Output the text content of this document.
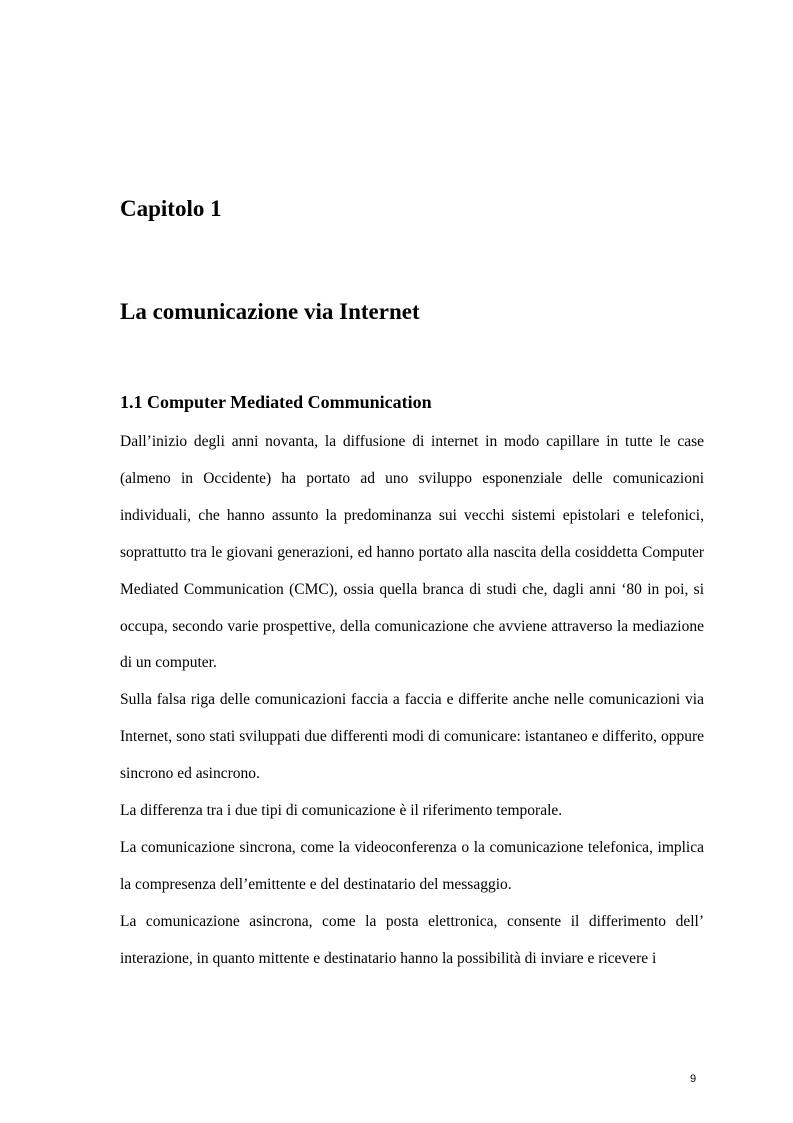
Capitolo 1
La comunicazione via Internet
1.1 Computer Mediated Communication

Dall’inizio degli anni novanta, la diffusione di internet in modo capillare in tutte le case (almeno in Occidente) ha portato ad uno sviluppo esponenziale delle comunicazioni individuali, che hanno assunto la predominanza sui vecchi sistemi epistolari e telefonici, soprattutto tra le giovani generazioni, ed hanno portato alla nascita della cosiddetta Computer Mediated Communication (CMC), ossia quella branca di studi che, dagli anni ‘80 in poi, si occupa, secondo varie prospettive, della comunicazione che avviene attraverso la mediazione di un computer.

Sulla falsa riga delle comunicazioni faccia a faccia e differite anche nelle comunicazioni via Internet, sono stati sviluppati due differenti modi di comunicare: istantaneo e differito, oppure sincrono ed asincrono.

La differenza tra i due tipi di comunicazione è il riferimento temporale.

La comunicazione sincrona, come la videoconferenza o la comunicazione telefonica, implica la compresenza dell’emittente e del destinatario del messaggio.

La comunicazione asincrona, come la posta elettronica, consente il differimento dell’ interazione, in quanto mittente e destinatario hanno la possibilità di inviare e ricevere i

9
